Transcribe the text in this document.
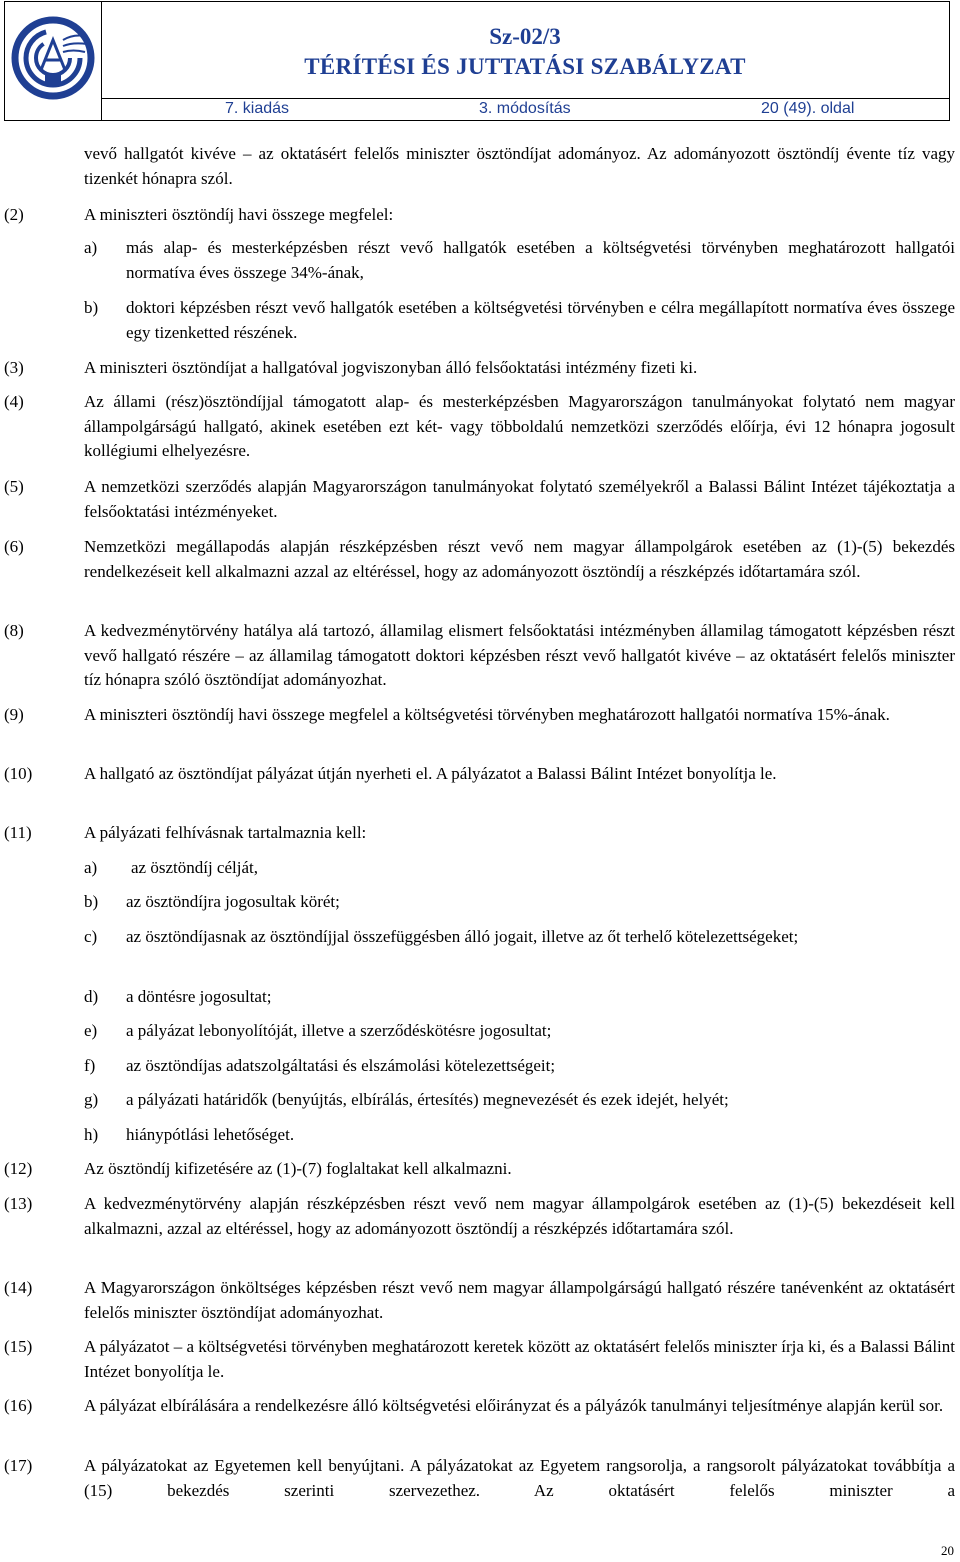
Sz-02/3
TÉRÍTÉSI ÉS JUTTATÁSI SZABÁLYZAT
7. kiadás	3. módosítás	20 (49). oldal
vevő hallgatót kivéve ‒ az oktatásért felelős miniszter ösztöndíjat adományoz. Az adományozott ösztöndíj évente tíz vagy tizenkét hónapra szól.
(2)	A miniszteri ösztöndíj havi összege megfelel:
a) más alap- és mesterképzésben részt vevő hallgatók esetében a költségvetési törvényben meghatározott hallgatói normatíva éves összege 34%-ának,
b) doktori képzésben részt vevő hallgatók esetében a költségvetési törvényben e célra megállapított normatíva éves összege egy tizenketted részének.
(3)	A miniszteri ösztöndíjat a hallgatóval jogviszonyban álló felsőoktatási intézmény fizeti ki.
(4)	Az állami (rész)ösztöndíjjal támogatott alap- és mesterképzésben Magyarországon tanulmányokat folytató nem magyar állampolgárságú hallgató, akinek esetében ezt két- vagy többoldalú nemzetközi szerződés előírja, évi 12 hónapra jogosult kollégiumi elhelyezésre.
(5)	A nemzetközi szerződés alapján Magyarországon tanulmányokat folytató személyekről a Balassi Bálint Intézet tájékoztatja a felsőoktatási intézményeket.
(6)	Nemzetközi megállapodás alapján részképzésben részt vevő nem magyar állampolgárok esetében az (1)-(5) bekezdés rendelkezéseit kell alkalmazni azzal az eltéréssel, hogy az adományozott ösztöndíj a részképzés időtartamára szól.
(8)	A kedvezménytörvény hatálya alá tartozó, államilag elismert felsőoktatási intézményben államilag támogatott képzésben részt vevő hallgató részére ‒ az államilag támogatott doktori képzésben részt vevő hallgatót kivéve ‒ az oktatásért felelős miniszter tíz hónapra szóló ösztöndíjat adományozhat.
(9)	A miniszteri ösztöndíj havi összege megfelel a költségvetési törvényben meghatározott hallgatói normatíva 15%-ának.
(10)	A hallgató az ösztöndíjat pályázat útján nyerheti el. A pályázatot a Balassi Bálint Intézet bonyolítja le.
(11)	A pályázati felhívásnak tartalmaznia kell:
a) az ösztöndíj célját,
b) az ösztöndíjra jogosultak körét;
c) az ösztöndíjasnak az ösztöndíjjal összefüggésben álló jogait, illetve az őt terhelő kötelezettségeket;
d) a döntésre jogosultat;
e) a pályázat lebonyolítóját, illetve a szerződéskötésre jogosultat;
f) az ösztöndíjas adatszolgáltatási és elszámolási kötelezettségeit;
g) a pályázati határidők (benyújtás, elbírálás, értesítés) megnevezését és ezek idejét, helyét;
h) hiánypótlási lehetőséget.
(12)	Az ösztöndíj kifizetésére az (1)-(7) foglaltakat kell alkalmazni.
(13)	A kedvezménytörvény alapján részképzésben részt vevő nem magyar állampolgárok esetében az (1)-(5) bekezdéseit kell alkalmazni, azzal az eltéréssel, hogy az adományozott ösztöndíj a részképzés időtartamára szól.
(14)	A Magyarországon önköltséges képzésben részt vevő nem magyar állampolgárságú hallgató részére tanévenként az oktatásért felelős miniszter ösztöndíjat adományozhat.
(15)	A pályázatot ‒ a költségvetési törvényben meghatározott keretek között az oktatásért felelős miniszter írja ki, és a Balassi Bálint Intézet bonyolítja le.
(16)	A pályázat elbírálására a rendelkezésre álló költségvetési előirányzat és a pályázók tanulmányi teljesítménye alapján kerül sor.
(17)	A pályázatokat az Egyetemen kell benyújtani. A pályázatokat az Egyetem rangsorolja, a rangsorolt pályázatokat továbbítja a (15) bekezdés szerinti szervezethez. Az oktatásért felelős miniszter a
20
